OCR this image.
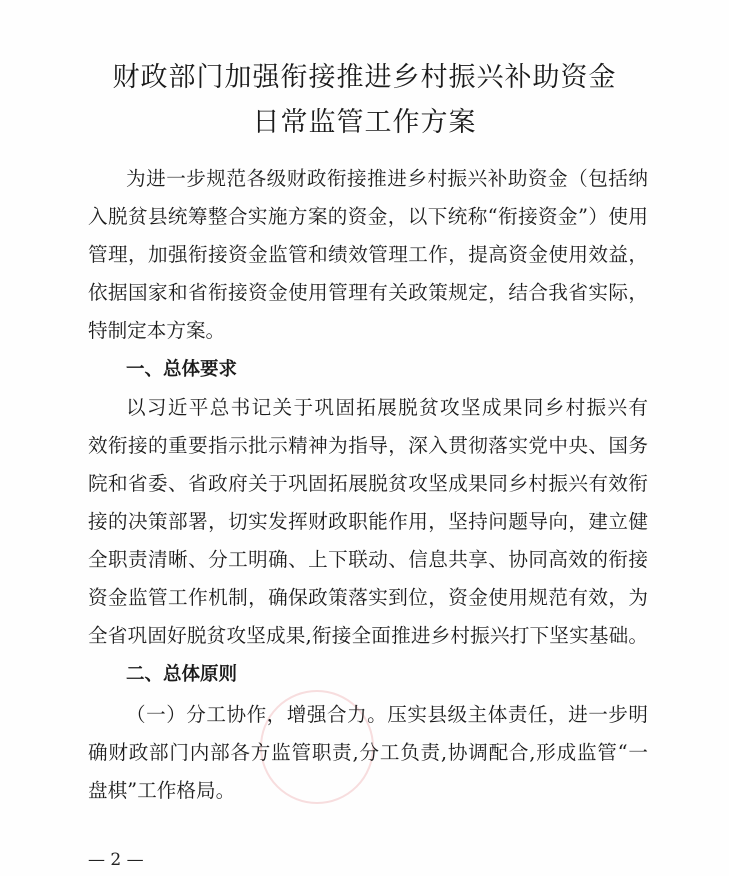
财政部门加强衔接推进乡村振兴补助资金
日常监管工作方案
为进一步规范各级财政衔接推进乡村振兴补助资金（包括纳
入脱贫县统筹整合实施方案的资金，以下统称“衔接资金”）使用
管理，加强衔接资金监管和绩效管理工作，提高资金使用效益，
依据国家和省衔接资金使用管理有关政策规定，结合我省实际，
特制定本方案。
一、总体要求
以习近平总书记关于巩固拓展脱贫攻坚成果同乡村振兴有
效衔接的重要指示批示精神为指导，深入贯彻落实党中央、国务
院和省委、省政府关于巩固拓展脱贫攻坚成果同乡村振兴有效衔
接的决策部署，切实发挥财政职能作用，坚持问题导向，建立健
全职责清晰、分工明确、上下联动、信息共享、协同高效的衔接
资金监管工作机制，确保政策落实到位，资金使用规范有效，为
全省巩固好脱贫攻坚成果,衔接全面推进乡村振兴打下坚实基础。
二、总体原则
（一）分工协作，增强合力。压实县级主体责任，进一步明
确财政部门内部各方监管职责,分工负责,协调配合,形成监管“一
盘棋”工作格局。
— 2 —
